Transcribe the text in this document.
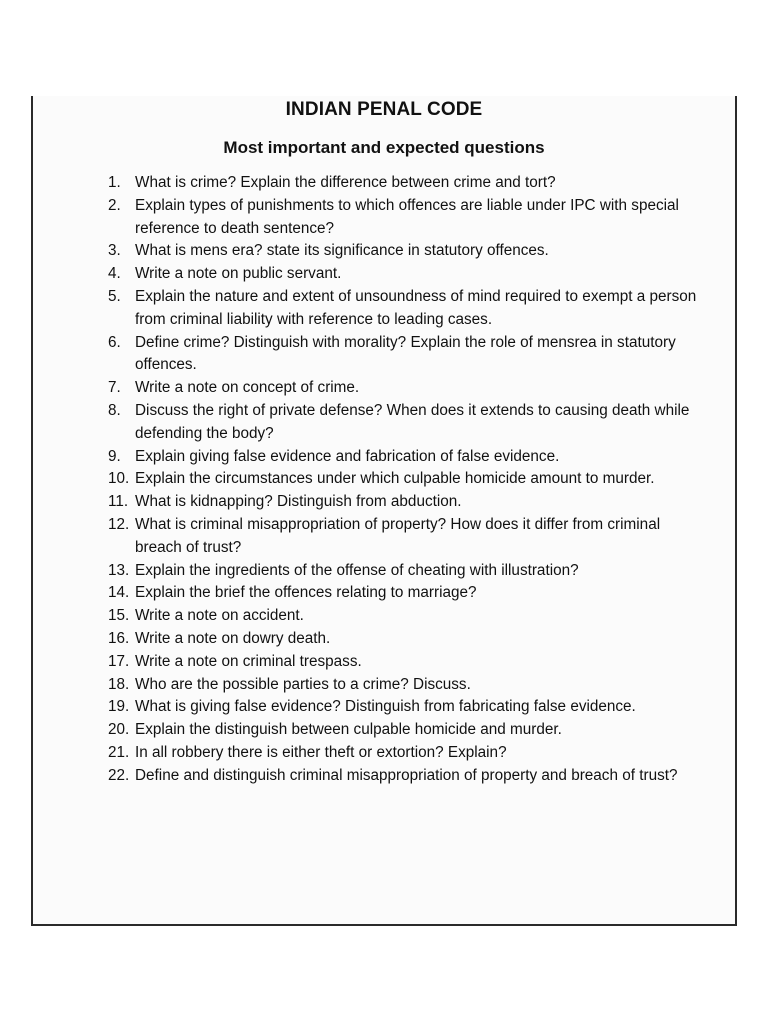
INDIAN PENAL CODE
Most important and expected questions
1. What is crime? Explain the difference between crime and tort?
2. Explain types of punishments to which offences are liable under IPC with special reference to death sentence?
3. What is mens era? state its significance in statutory offences.
4. Write a note on public servant.
5. Explain the nature and extent of unsoundness of mind required to exempt a person from criminal liability with reference to leading cases.
6. Define crime? Distinguish with morality? Explain the role of mensrea in statutory offences.
7. Write a note on concept of crime.
8. Discuss the right of private defense? When does it extends to causing death while defending the body?
9. Explain giving false evidence and fabrication of false evidence.
10. Explain the circumstances under which culpable homicide amount to murder.
11. What is kidnapping? Distinguish from abduction.
12. What is criminal misappropriation of property? How does it differ from criminal breach of trust?
13. Explain the ingredients of the offense of cheating with illustration?
14. Explain the brief the offences relating to marriage?
15. Write a note on accident.
16. Write a note on dowry death.
17. Write a note on criminal trespass.
18. Who are the possible parties to a crime? Discuss.
19. What is giving false evidence? Distinguish from fabricating false evidence.
20. Explain the distinguish between culpable homicide and murder.
21. In all robbery there is either theft or extortion? Explain?
22. Define and distinguish criminal misappropriation of property and breach of trust?
